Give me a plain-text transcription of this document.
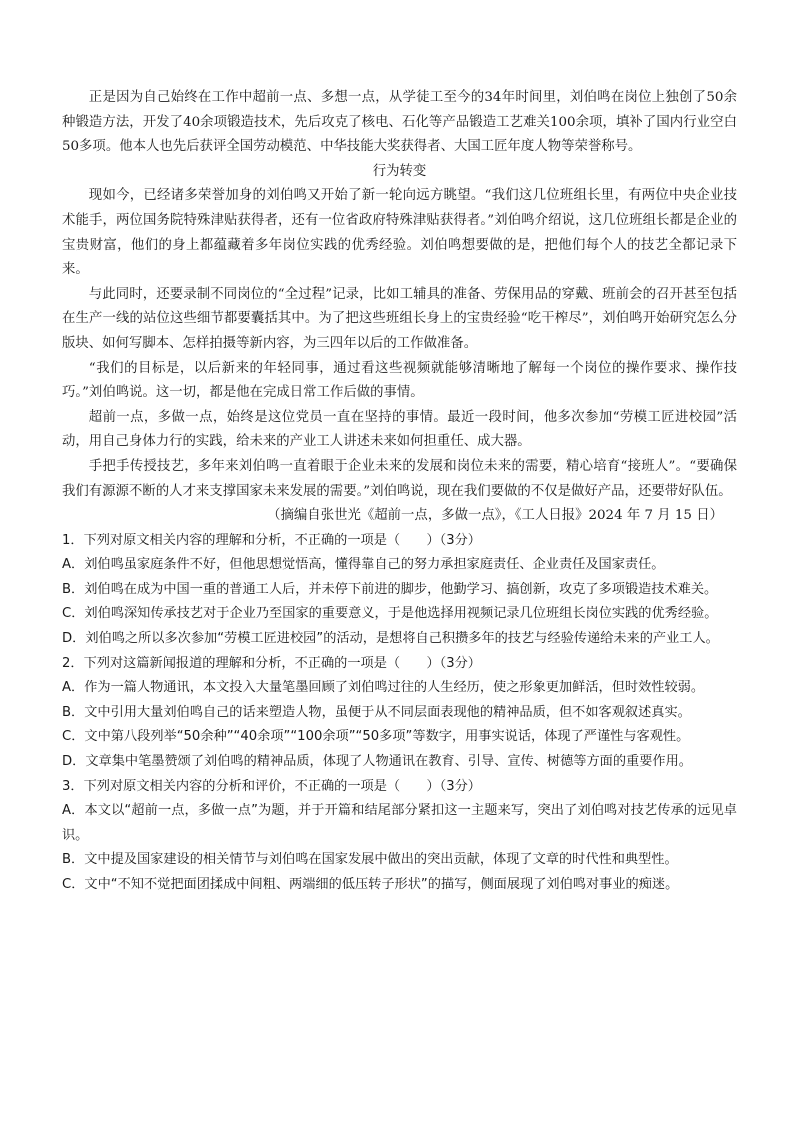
正是因为自己始终在工作中超前一点、多想一点，从学徒工至今的34年时间里，刘伯鸣在岗位上独创了50余种锻造方法，开发了40余项锻造技术，先后攻克了核电、石化等产品锻造工艺难关100余项，填补了国内行业空白50多项。他本人也先后获评全国劳动模范、中华技能大奖获得者、大国工匠年度人物等荣誉称号。

行为转变

现如今，已经诸多荣誉加身的刘伯鸣又开始了新一轮向远方眺望。“我们这几位班组长里，有两位中央企业技术能手，两位国务院特殊津贴获得者，还有一位省政府特殊津贴获得者。”刘伯鸣介绍说，这几位班组长都是企业的宝贵财富，他们的身上都蕴藏着多年岗位实践的优秀经验。刘伯鸣想要做的是，把他们每个人的技艺全都记录下来。

与此同时，还要录制不同岗位的“全过程”记录，比如工辅具的准备、劳保用品的穿戴、班前会的召开甚至包括在生产一线的站位这些细节都要囊括其中。为了把这些班组长身上的宝贵经验“吃干榨尽”，刘伯鸣开始研究怎么分版块、如何写脚本、怎样拍摄等新内容，为三四年以后的工作做准备。

“我们的目标是，以后新来的年轻同事，通过看这些视频就能够清晰地了解每一个岗位的操作要求、操作技巧。”刘伯鸣说。这一切，都是他在完成日常工作后做的事情。

超前一点，多做一点，始终是这位党员一直在坚持的事情。最近一段时间，他多次参加“劳模工匠进校园”活动，用自己身体力行的实践，给未来的产业工人讲述未来如何担重任、成大器。

手把手传授技艺，多年来刘伯鸣一直着眼于企业未来的发展和岗位未来的需要，精心培育“接班人”。“要确保我们有源源不断的人才来支撑国家未来发展的需要。”刘伯鸣说，现在我们要做的不仅是做好产品，还要带好队伍。

（摘编自张世光《超前一点，多做一点》，《工人日报》2024 年 7 月 15 日）

1．下列对原文相关内容的理解和分析，不正确的一项是（　　）（3分）

A．刘伯鸣虽家庭条件不好，但他思想觉悟高，懂得靠自己的努力承担家庭责任、企业责任及国家责任。

B．刘伯鸣在成为中国一重的普通工人后，并未停下前进的脚步，他勤学习、搞创新，攻克了多项锻造技术难关。

C．刘伯鸣深知传承技艺对于企业乃至国家的重要意义，于是他选择用视频记录几位班组长岗位实践的优秀经验。

D．刘伯鸣之所以多次参加“劳模工匠进校园”的活动，是想将自己积攒多年的技艺与经验传递给未来的产业工人。

2．下列对这篇新闻报道的理解和分析，不正确的一项是（　　）（3分）

A．作为一篇人物通讯，本文投入大量笔墨回顾了刘伯鸣过往的人生经历，使之形象更加鲜活，但时效性较弱。

B．文中引用大量刘伯鸣自己的话来塑造人物，虽便于从不同层面表现他的精神品质，但不如客观叙述真实。

C．文中第八段列举“50余种”“40余项”“100余项”“50多项”等数字，用事实说话，体现了严谨性与客观性。

D．文章集中笔墨赞颂了刘伯鸣的精神品质，体现了人物通讯在教育、引导、宣传、树德等方面的重要作用。

3．下列对原文相关内容的分析和评价，不正确的一项是（　　）（3分）

A．本文以“超前一点，多做一点”为题，并于开篇和结尾部分紧扣这一主题来写，突出了刘伯鸣对技艺传承的远见卓识。

B．文中提及国家建设的相关情节与刘伯鸣在国家发展中做出的突出贡献，体现了文章的时代性和典型性。

C．文中“不知不觉把面团揉成中间粗、两端细的低压转子形状”的描写，侧面展现了刘伯鸣对事业的痴迷。
